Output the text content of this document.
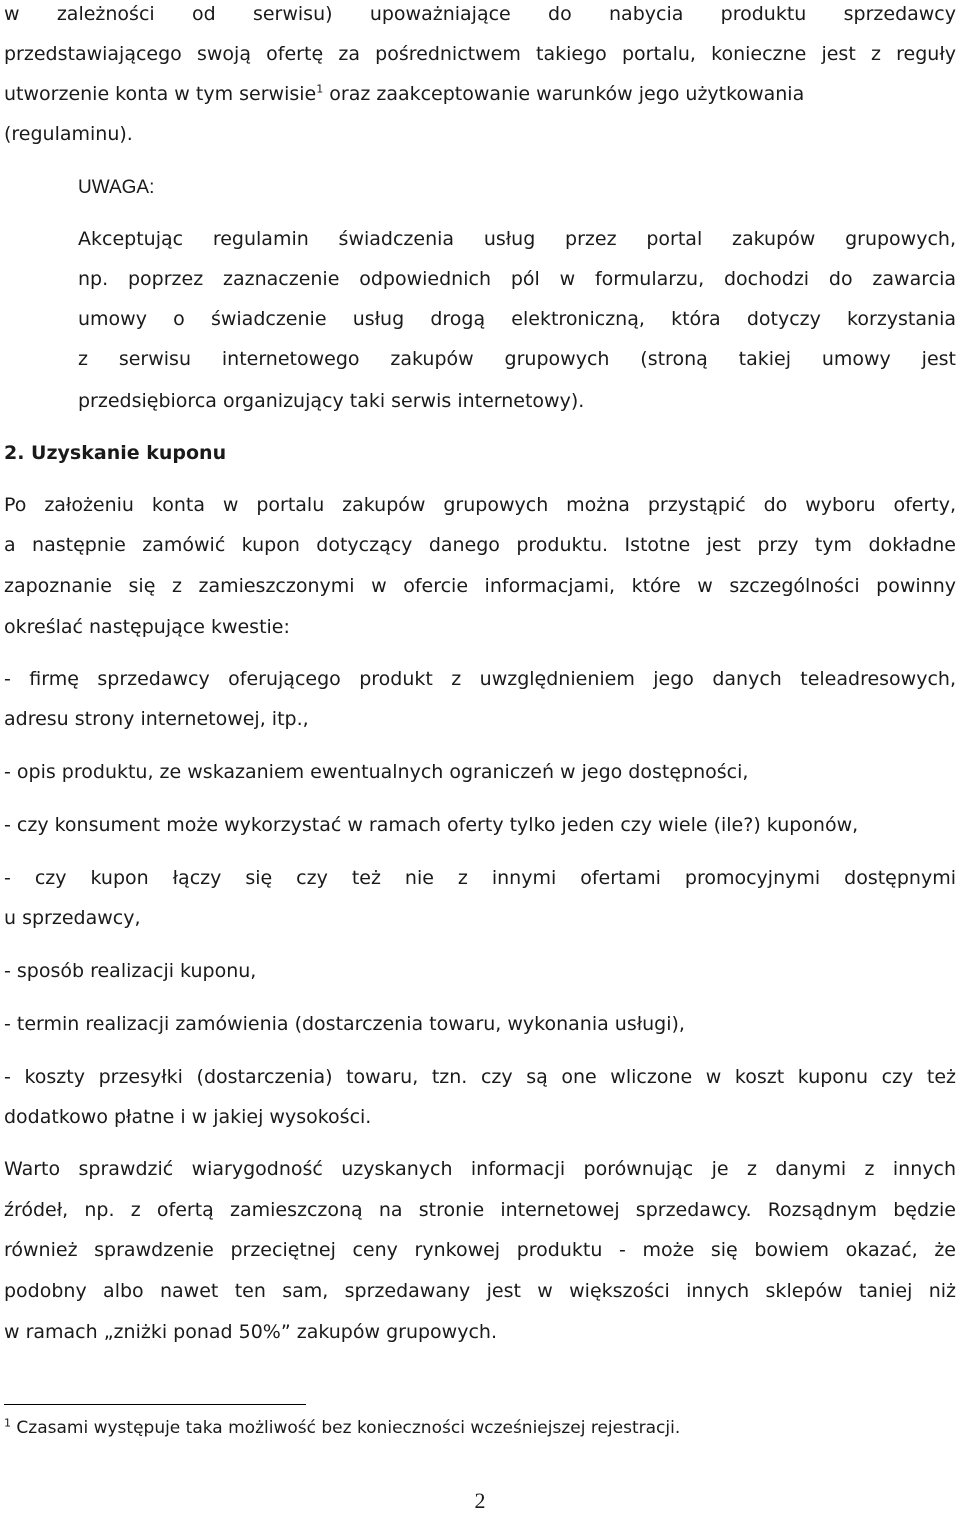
w zależności od serwisu) upoważniające do nabycia produktu sprzedawcy
przedstawiającego swoją ofertę za pośrednictwem takiego portalu, konieczne jest z reguły
utworzenie konta w tym serwisie$^1$ oraz zaakceptowanie warunków jego użytkowania
(regulaminu).
UWAGA:
Akceptując regulamin świadczenia usług przez portal zakupów grupowych,
np. poprzez zaznaczenie odpowiednich pól w formularzu, dochodzi do zawarcia
umowy o świadczenie usług drogą elektroniczną, która dotyczy korzystania
z serwisu internetowego zakupów grupowych (stroną takiej umowy jest
przedsiębiorca organizujący taki serwis internetowy).
2. Uzyskanie kuponu
Po założeniu konta w portalu zakupów grupowych można przystąpić do wyboru oferty,
a następnie zamówić kupon dotyczący danego produktu. Istotne jest przy tym dokładne
zapoznanie się z zamieszczonymi w ofercie informacjami, które w szczególności powinny
określać następujące kwestie:
- firmę sprzedawcy oferującego produkt z uwzględnieniem jego danych teleadresowych,
adresu strony internetowej, itp.,
- opis produktu, ze wskazaniem ewentualnych ograniczeń w jego dostępności,
- czy konsument może wykorzystać w ramach oferty tylko jeden czy wiele (ile?) kuponów,
- czy kupon łączy się czy też nie z innymi ofertami promocyjnymi dostępnymi
u sprzedawcy,
- sposób realizacji kuponu,
- termin realizacji zamówienia (dostarczenia towaru, wykonania usługi),
- koszty przesyłki (dostarczenia) towaru, tzn. czy są one wliczone w koszt kuponu czy też
dodatkowo płatne i w jakiej wysokości.
Warto sprawdzić wiarygodność uzyskanych informacji porównując je z danymi z innych
źródeł, np. z ofertą zamieszczoną na stronie internetowej sprzedawcy. Rozsądnym będzie
również sprawdzenie przeciętnej ceny rynkowej produktu - może się bowiem okazać, że
podobny albo nawet ten sam, sprzedawany jest w większości innych sklepów taniej niż
w ramach „zniżki ponad 50%” zakupów grupowych.
$^1$ Czasami występuje taka możliwość bez konieczności wcześniejszej rejestracji.
2
